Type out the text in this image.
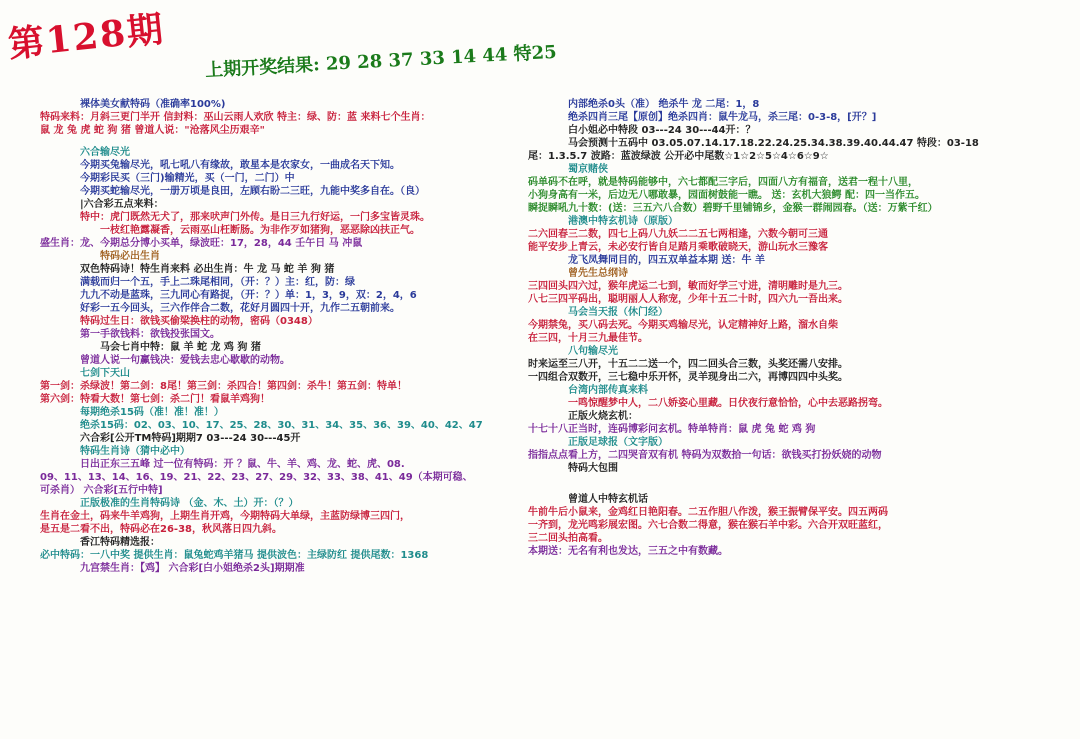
第128期 上期开奖结果: 29 28 37 33 14 44 特25

裸体美女献特码（准确率100%)

特码来料：月斜三更门半开 信封料：巫山云雨人欢欣 特主：绿、防：蓝 来料七个生肖：

鼠 龙 兔 虎 蛇 狗 猪 曾道人说："沧落风尘历艰辛"

六合输尽光

今期买兔输尽光，吼七吼八有缘故，敢星本是农家女，一曲成名天下知。

今期彩民买（三门)输精光，买（一门，二门）中

今期买蛇输尽光，一册万顷是良田，左顾右盼二三旺，九能中奖多自在。（良）

|六合彩五点来料：

特中：虎门既然无犬了，那来吠声门外传。是日三九行好运，一门多宝皆灵珠。

一枝红艳露凝香，云雨巫山枉断肠。为非作歹如猪狗，恶恶除凶扶正气。

盛生肖：龙、今期总分博小买单，绿波旺：17，28，44 壬午日 马 冲鼠

特码必出生肖

双色特码诗！特生肖来料 必出生肖：牛 龙 马 蛇 羊 狗 猪

满载而归一个五，手上二珠尾相同，（开：？）主：红，防：绿

九九不动是蓝珠，三九同心有路捉，（开：？）单：1，3，9，双：2，4，6

好彩一五今回头，三六作伴合二数，花好月圆四十开，九作二五朝前来。

特码过生日：欲钱买偷梁换柱的动物，密码（0348）

第一手欲钱料：欲钱投张国文。

马会七肖中特：鼠 羊 蛇 龙 鸡 狗 猪

曾道人说一句赢钱决：爱钱去忠心歇歇的动物。

七剑下天山

第一剑：杀绿波！第二剑：8尾！第三剑：杀四合！第四剑：杀牛！第五剑：特单！

第六剑：特看大数！第七剑：杀二门！看鼠羊鸡狗！

每期绝杀15码（准！准！准！）

绝杀15码：02、03、10、17、25、28、30、31、34、35、36、39、40、42、47

六合彩[公开TM特码]期期7 03---24 30---45开

特码生肖诗（猜中必中）

日出正东三五峰 过一位有特码：开 ？鼠、牛、羊、鸡、龙、蛇、虎、08.

09、11、13、14、16、19、21、22、23、27、29、32、33、38、41、49（本期可稳、

可杀肖） 六合彩[五行中特]

正版极准的生肖特码诗 （金、木、土）开：（？）

生肖在金土，码来牛羊鸡狗，上期生肖开鸡，今期特码大单绿，主蓝防绿博三四门，

是五是二看不出，特码必在26-38，秋风落日四九斜。

香江特码精选报：

必中特码：一八中奖 提供生肖：鼠兔蛇鸡羊猪马 提供波色：主绿防红 提供尾数：1368

九宫禁生肖：【鸡】 六合彩[白小姐绝杀2头]期期准

内部绝杀0头（准） 绝杀牛 龙 二尾：1，8

绝杀四肖三尾【原创】绝杀四肖：鼠牛龙马，杀三尾：0-3-8，[开？]

白小姐必中特段 03---24 30---44开：？

马会预测十五码中 03.05.07.14.17.18.22.24.25.34.38.39.40.44.47 特段：03-18

尾：1.3.5.7 波路：蓝波绿波 公开必中尾数☆1☆2☆5☆4☆6☆9☆

蜀京赌侠

码单码不在呼，就是特码能够中，六七都配三字后，四面八方有福音，送君一程十八里，

小狗身高有一米，后边无八哪敢暴，园面树鼓能一瞧。 送：玄机大狼鳄 配：四一当作五。

瞬捉瞬吼九十数：(送：三五六八合数）碧野千里铺锦乡，金猴一群闹园春。（送：万紫千红）

港澳中特玄机诗（原版）

二六回春三二数，四七上码八九妖二二五七两相逢，六数今朝可三通

能平安步上青云，未必安行皆自足踏月乘歌破晓天，游山玩水三豫客

龙飞凤舞同目的，四五双单益本期 送：牛 羊

曾先生总纲诗

三四回头四六过，猴年虎运二七到，敏而好学三寸进，清明雕时是九三。

八七三四平码出，聪明丽人人称宠，少年十五二十时，四六九一吾出来。

马会当天报（休门经）

今期禁兔，买八码去死。今期买鸡输尽光，认定精神好上路，溜水自柴

在三四，十月三九最佳节。

八句输尽光

时来运至三八开，十五二二送一个，四二回头合三数，头奖还需八安排。

一四组合双数开，三七稳中乐开怀，灵羊现身出二六，再博四四中头奖。

台湾内部传真来料

一鸣惊醒梦中人，二八娇姿心里藏。日伏夜行意恰恰，心中去恶路拐弯。

正版火烧玄机：

十七十八正当时，连码博彩问玄机。特单特肖：鼠 虎 兔 蛇 鸡 狗

正版足球报（文字版）

指指点点看上方，二四哭音双有机 特码为双数拾一句话：欲钱买打扮妖娆的动物

特码大包围

曾道人中特玄机话

牛前牛后小鼠来，金鸡红日艳阳春。二五作胆八作泼，猴王振臂保平安。四五两码

一齐到，龙光鸣彩展宏图。六七合数二得意，猴在猴石羊中彩。六合开双旺蓝红，

三二回头拍高看。

本期送：无名有利也发达，三五之中有数藏。
